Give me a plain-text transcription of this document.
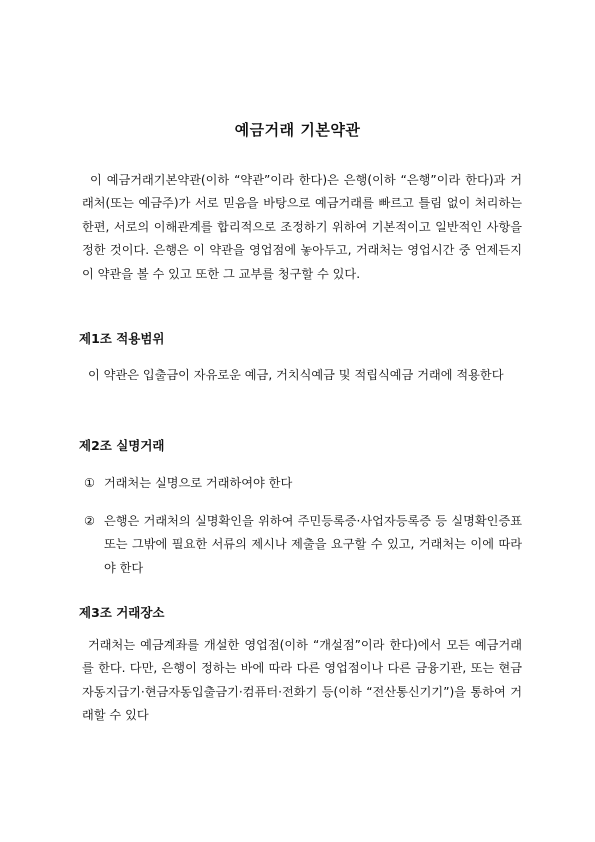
예금거래 기본약관
이 예금거래기본약관(이하 “약관”이라 한다)은 은행(이하 “은행”이라 한다)과 거래처(또는 예금주)가 서로 믿음을 바탕으로 예금거래를 빠르고 틀림 없이 처리하는 한편, 서로의 이해관계를 합리적으로 조정하기 위하여 기본적이고 일반적인 사항을 정한 것이다. 은행은 이 약관을 영업점에 놓아두고, 거래처는 영업시간 중 언제든지 이 약관을 볼 수 있고 또한 그 교부를 청구할 수 있다.
제1조 적용범위
이 약관은 입출금이 자유로운 예금, 거치식예금 및 적립식예금 거래에 적용한다
제2조 실명거래
① 거래처는 실명으로 거래하여야 한다
② 은행은 거래처의 실명확인을 위하여 주민등록증·사업자등록증 등 실명확인증표 또는 그밖에 필요한 서류의 제시나 제출을 요구할 수 있고, 거래처는 이에 따라야 한다
제3조 거래장소
거래처는 예금계좌를 개설한 영업점(이하 “개설점”이라 한다)에서 모든 예금거래를 한다. 다만, 은행이 정하는 바에 따라 다른 영업점이나 다른 금융기관, 또는 현금자동지급기·현금자동입출금기·컴퓨터·전화기 등(이하 “전산통신기기”)을 통하여 거래할 수 있다
